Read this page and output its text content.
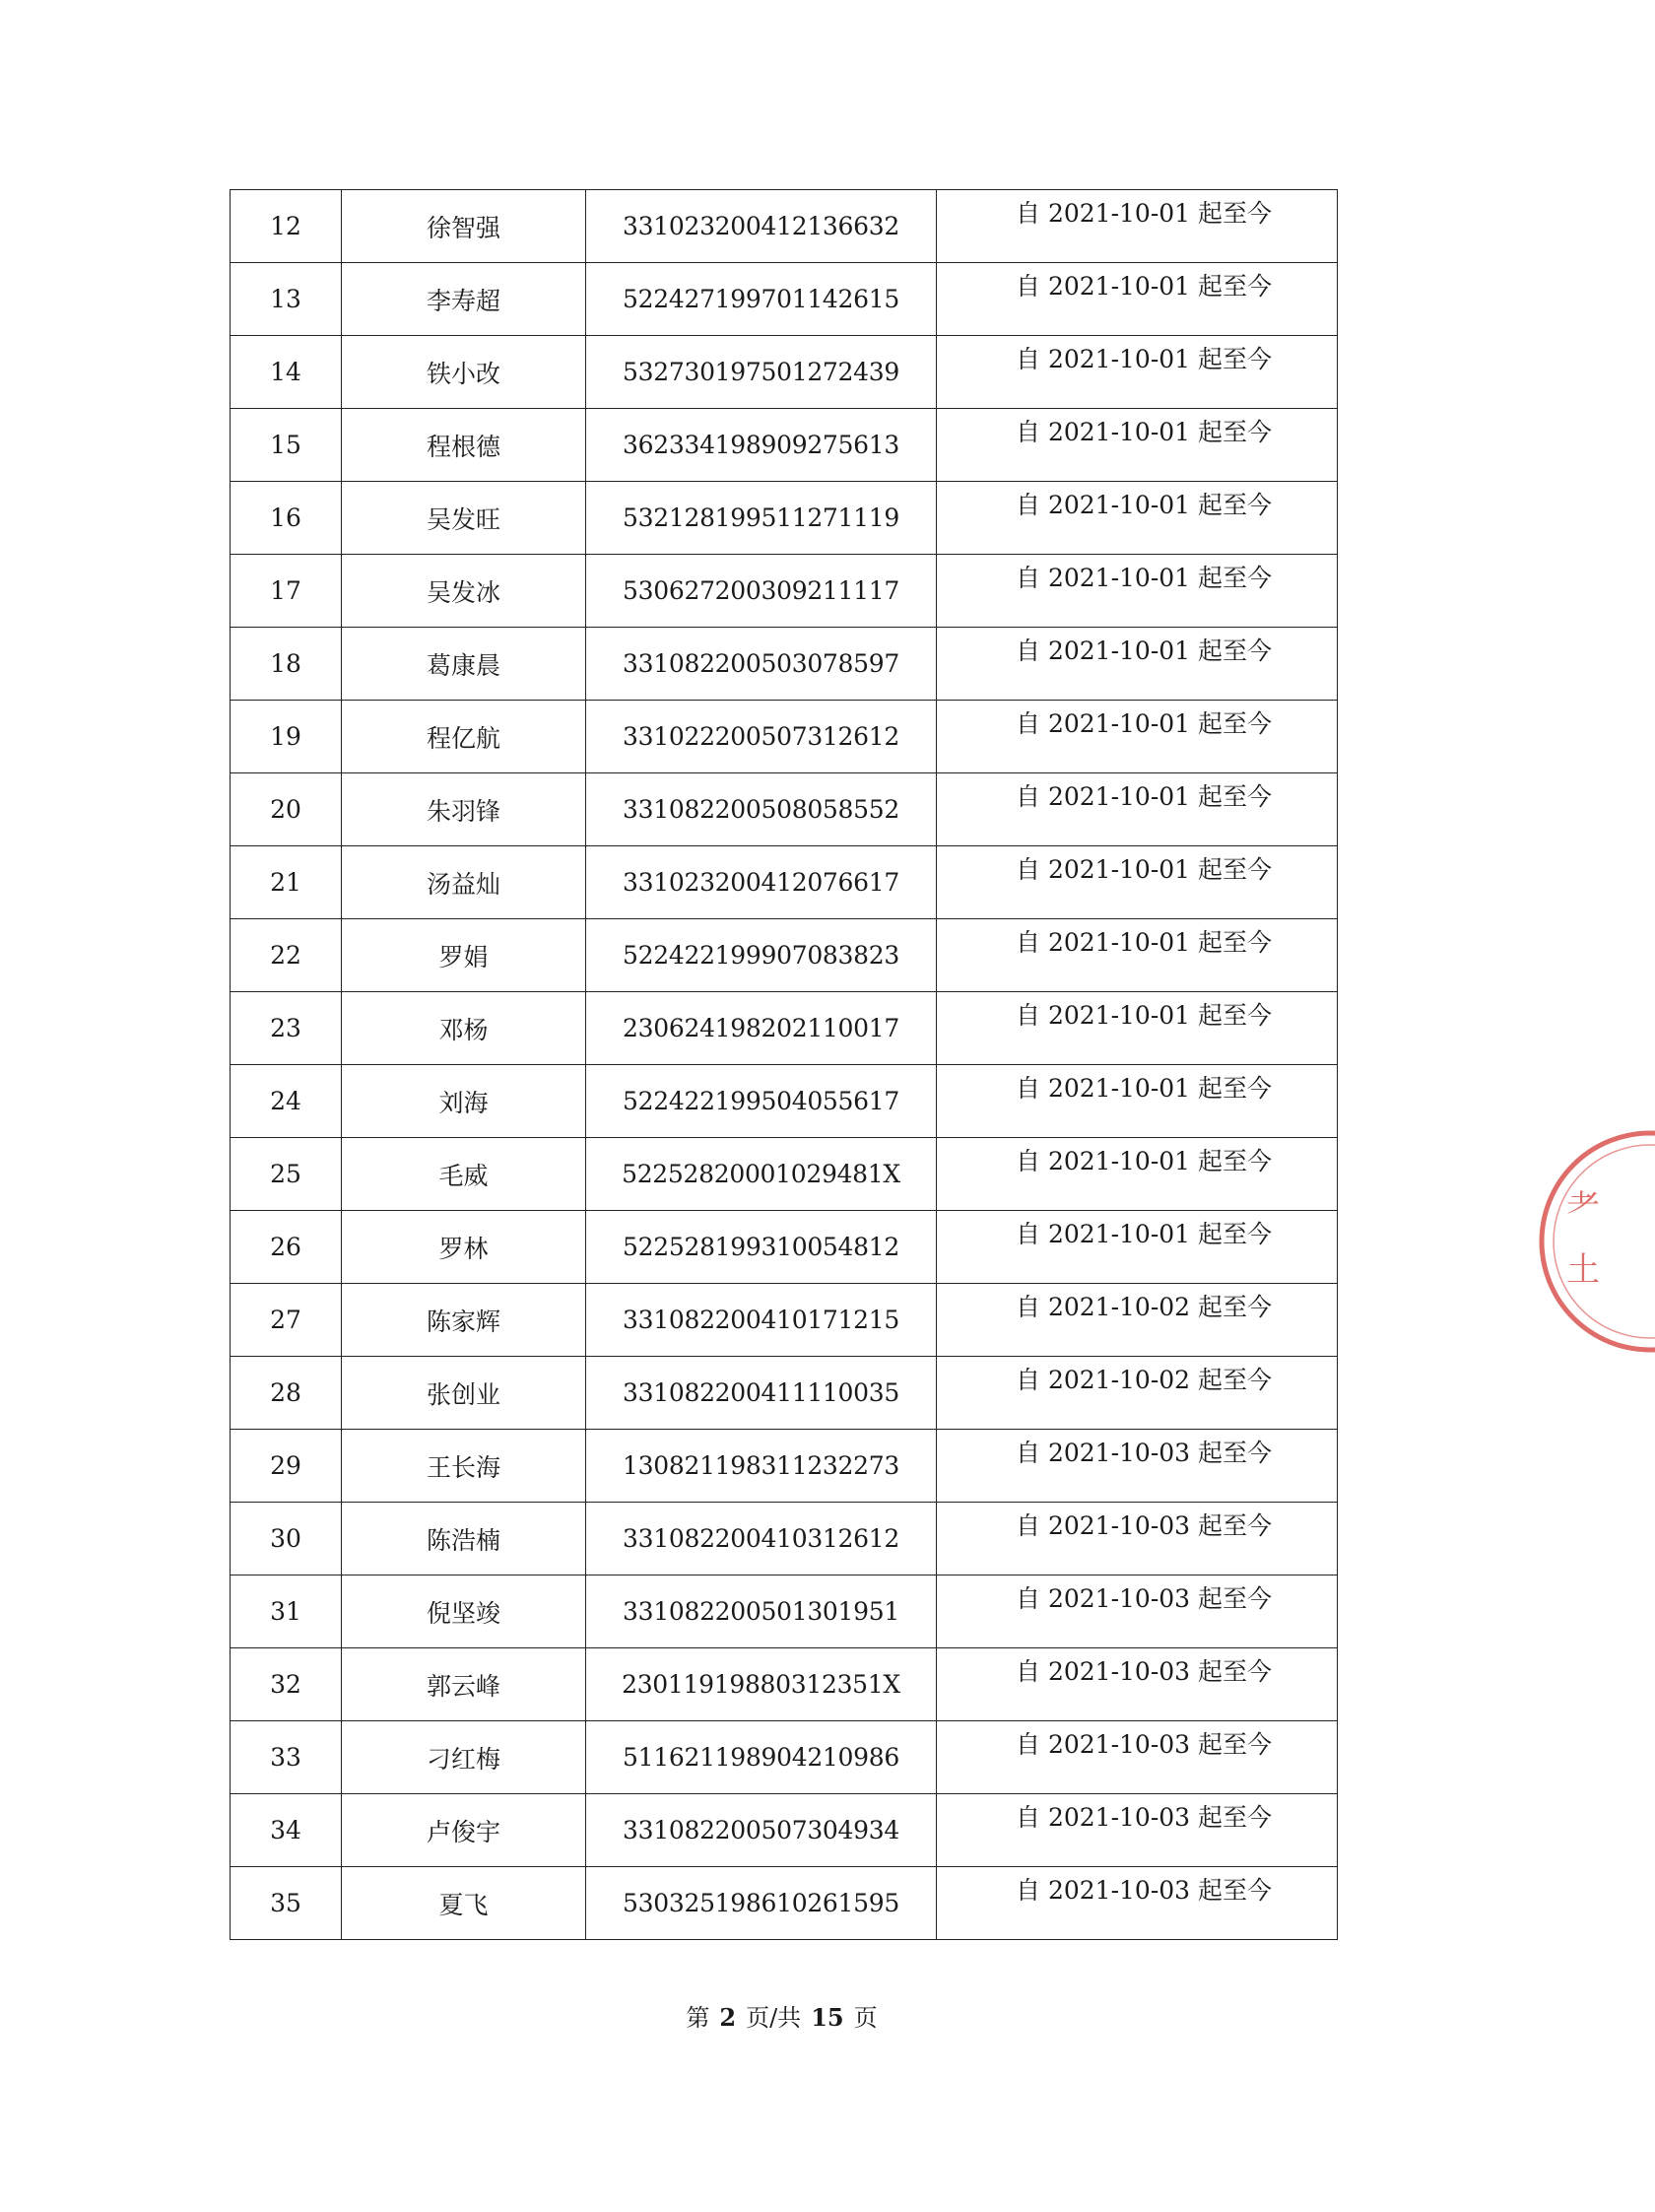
12	徐智强	331023200412136632	自 2021-10-01 起至今

13	李寿超	522427199701142615	自 2021-10-01 起至今

14	铁小改	532730197501272439	自 2021-10-01 起至今

15	程根德	362334198909275613	自 2021-10-01 起至今

16	吴发旺	532128199511271119	自 2021-10-01 起至今

17	吴发冰	530627200309211117	自 2021-10-01 起至今

18	葛康晨	331082200503078597	自 2021-10-01 起至今

19	程亿航	331022200507312612	自 2021-10-01 起至今

20	朱羽锋	331082200508058552	自 2021-10-01 起至今

21	汤益灿	331023200412076617	自 2021-10-01 起至今

22	罗娟	522422199907083823	自 2021-10-01 起至今

23	邓杨	230624198202110017	自 2021-10-01 起至今

24	刘海	522422199504055617	自 2021-10-01 起至今

25	毛威	52252820001029481X	自 2021-10-01 起至今

26	罗林	522528199310054812	自 2021-10-01 起至今

27	陈家辉	331082200410171215	自 2021-10-02 起至今

28	张创业	331082200411110035	自 2021-10-02 起至今

29	王长海	130821198311232273	自 2021-10-03 起至今

30	陈浩楠	331082200410312612	自 2021-10-03 起至今

31	倪坚竣	331082200501301951	自 2021-10-03 起至今

32	郭云峰	23011919880312351X	自 2021-10-03 起至今

33	刁红梅	511621198904210986	自 2021-10-03 起至今

34	卢俊宇	331082200507304934	自 2021-10-03 起至今

35	夏飞	530325198610261595	自 2021-10-03 起至今
第 2 页/共 15 页
⺹
⼟
